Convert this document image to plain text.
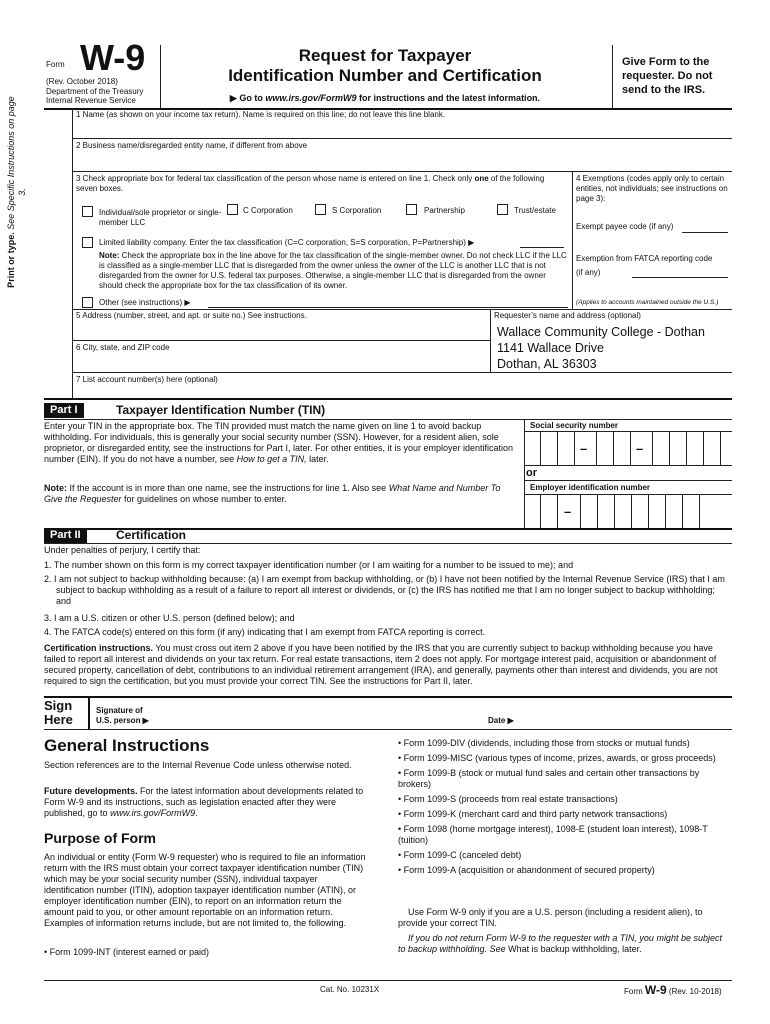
Form W-9
(Rev. October 2018)
Department of the Treasury
Internal Revenue Service
Request for Taxpayer
Identification Number and Certification
▶ Go to www.irs.gov/FormW9 for instructions and the latest information.
Give Form to the requester. Do not send to the IRS.
Print or type. See Specific Instructions on page 3.
1 Name (as shown on your income tax return). Name is required on this line; do not leave this line blank.
2 Business name/disregarded entity name, if different from above
3 Check appropriate box for federal tax classification of the person whose name is entered on line 1. Check only one of the following seven boxes.
Individual/sole proprietor or single-member LLC
C Corporation	S Corporation	Partnership	Trust/estate
Limited liability company. Enter the tax classification (C=C corporation, S=S corporation, P=Partnership) ▶
Note: Check the appropriate box in the line above for the tax classification of the single-member owner. Do not check LLC if the LLC is classified as a single-member LLC that is disregarded from the owner unless the owner of the LLC is another LLC that is not disregarded from the owner for U.S. federal tax purposes. Otherwise, a single-member LLC that is disregarded from the owner should check the appropriate box for the tax classification of its owner.
Other (see instructions) ▶
4 Exemptions (codes apply only to certain entities, not individuals; see instructions on page 3):
Exempt payee code (if any)
Exemption from FATCA reporting code (if any)
(Applies to accounts maintained outside the U.S.)
5 Address (number, street, and apt. or suite no.) See instructions.	Requester’s name and address (optional)
Wallace Community College - Dothan
1141 Wallace Drive
Dothan, AL 36303
6 City, state, and ZIP code
7 List account number(s) here (optional)
Part I	Taxpayer Identification Number (TIN)
Enter your TIN in the appropriate box. The TIN provided must match the name given on line 1 to avoid backup withholding. For individuals, this is generally your social security number (SSN). However, for a resident alien, sole proprietor, or disregarded entity, see the instructions for Part I, later. For other entities, it is your employer identification number (EIN). If you do not have a number, see How to get a TIN, later.
Note: If the account is in more than one name, see the instructions for line 1. Also see What Name and Number To Give the Requester for guidelines on whose number to enter.
Social security number
–	–
or
Employer identification number
–
Part II	Certification
Under penalties of perjury, I certify that:
1. The number shown on this form is my correct taxpayer identification number (or I am waiting for a number to be issued to me); and
2. I am not subject to backup withholding because: (a) I am exempt from backup withholding, or (b) I have not been notified by the Internal Revenue Service (IRS) that I am subject to backup withholding as a result of a failure to report all interest or dividends, or (c) the IRS has notified me that I am no longer subject to backup withholding; and
3. I am a U.S. citizen or other U.S. person (defined below); and
4. The FATCA code(s) entered on this form (if any) indicating that I am exempt from FATCA reporting is correct.
Certification instructions. You must cross out item 2 above if you have been notified by the IRS that you are currently subject to backup withholding because you have failed to report all interest and dividends on your tax return. For real estate transactions, item 2 does not apply. For mortgage interest paid, acquisition or abandonment of secured property, cancellation of debt, contributions to an individual retirement arrangement (IRA), and generally, payments other than interest and dividends, you are not required to sign the certification, but you must provide your correct TIN. See the instructions for Part II, later.
Sign
Here
Signature of
U.S. person ▶	Date ▶
General Instructions
Section references are to the Internal Revenue Code unless otherwise noted.
Future developments. For the latest information about developments related to Form W-9 and its instructions, such as legislation enacted after they were published, go to www.irs.gov/FormW9.
Purpose of Form
An individual or entity (Form W-9 requester) who is required to file an information return with the IRS must obtain your correct taxpayer identification number (TIN) which may be your social security number (SSN), individual taxpayer identification number (ITIN), adoption taxpayer identification number (ATIN), or employer identification number (EIN), to report on an information return the amount paid to you, or other amount reportable on an information return. Examples of information returns include, but are not limited to, the following.
• Form 1099-INT (interest earned or paid)
• Form 1099-DIV (dividends, including those from stocks or mutual funds)
• Form 1099-MISC (various types of income, prizes, awards, or gross proceeds)
• Form 1099-B (stock or mutual fund sales and certain other transactions by brokers)
• Form 1099-S (proceeds from real estate transactions)
• Form 1099-K (merchant card and third party network transactions)
• Form 1098 (home mortgage interest), 1098-E (student loan interest), 1098-T (tuition)
• Form 1099-C (canceled debt)
• Form 1099-A (acquisition or abandonment of secured property)
Use Form W-9 only if you are a U.S. person (including a resident alien), to provide your correct TIN.
If you do not return Form W-9 to the requester with a TIN, you might be subject to backup withholding. See What is backup withholding, later.
Cat. No. 10231X	Form W-9 (Rev. 10-2018)
